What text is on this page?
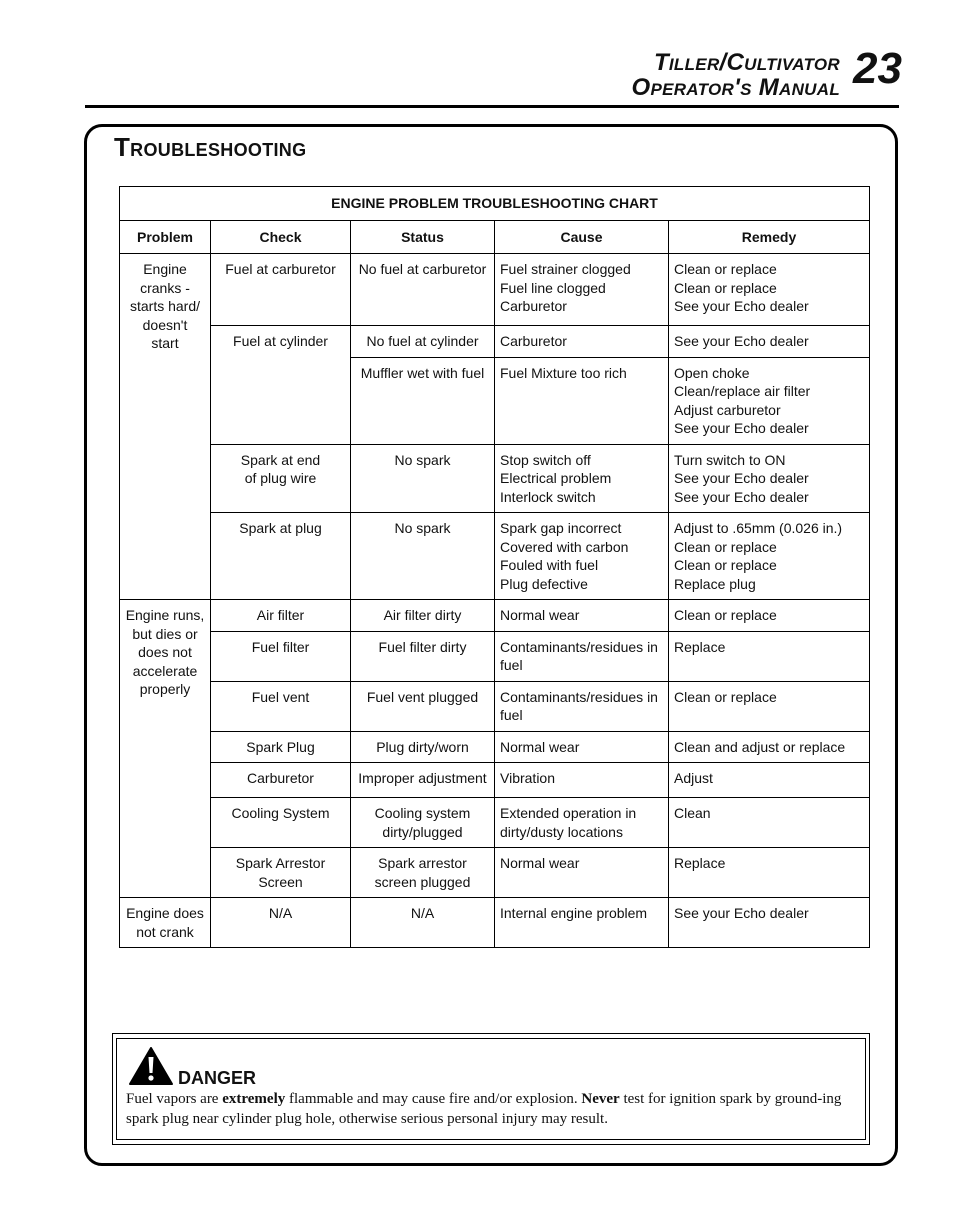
Tiller/Cultivator
Operator's Manual 23
Troubleshooting
ENGINE PROBLEM TROUBLESHOOTING CHART				
Problem	Check	Status	Cause	Remedy

Engine
cranks -
starts hard/
doesn't
start	Fuel at carburetor	No fuel at carburetor	Fuel strainer clogged
Fuel line clogged
Carburetor	Clean or replace
Clean or replace
See your Echo dealer

	Fuel at cylinder	No fuel at cylinder	Carburetor	See your Echo dealer

		Muffler wet with fuel	Fuel Mixture too rich	Open choke
Clean/replace air filter
Adjust carburetor
See your Echo dealer

	Spark at end
of plug wire	No spark	Stop switch off
Electrical problem
Interlock switch	Turn switch to ON
See your Echo dealer
See your Echo dealer

	Spark at plug	No spark	Spark gap incorrect
Covered with carbon
Fouled with fuel
Plug defective	Adjust to .65mm (0.026 in.)
Clean or replace
Clean or replace
Replace plug

Engine runs,
but dies or
does not
accelerate
properly	Air filter	Air filter dirty	Normal wear	Clean or replace

	Fuel filter	Fuel filter dirty	Contaminants/residues in
fuel	Replace

	Fuel vent	Fuel vent plugged	Contaminants/residues in
fuel	Clean or replace

	Spark Plug	Plug dirty/worn	Normal wear	Clean and adjust or replace

	Carburetor	Improper adjustment	Vibration	Adjust

	Cooling System	Cooling system
dirty/plugged	Extended operation in
dirty/dusty locations	Clean

	Spark Arrestor
Screen	Spark arrestor
screen plugged	Normal wear	Replace

Engine does
not crank	N/A	N/A	Internal engine problem	See your Echo dealer
DANGER
Fuel vapors are extremely flammable and may cause fire and/or explosion. Never test for ignition spark by ground-ing spark plug near cylinder plug hole, otherwise serious personal injury may result.
